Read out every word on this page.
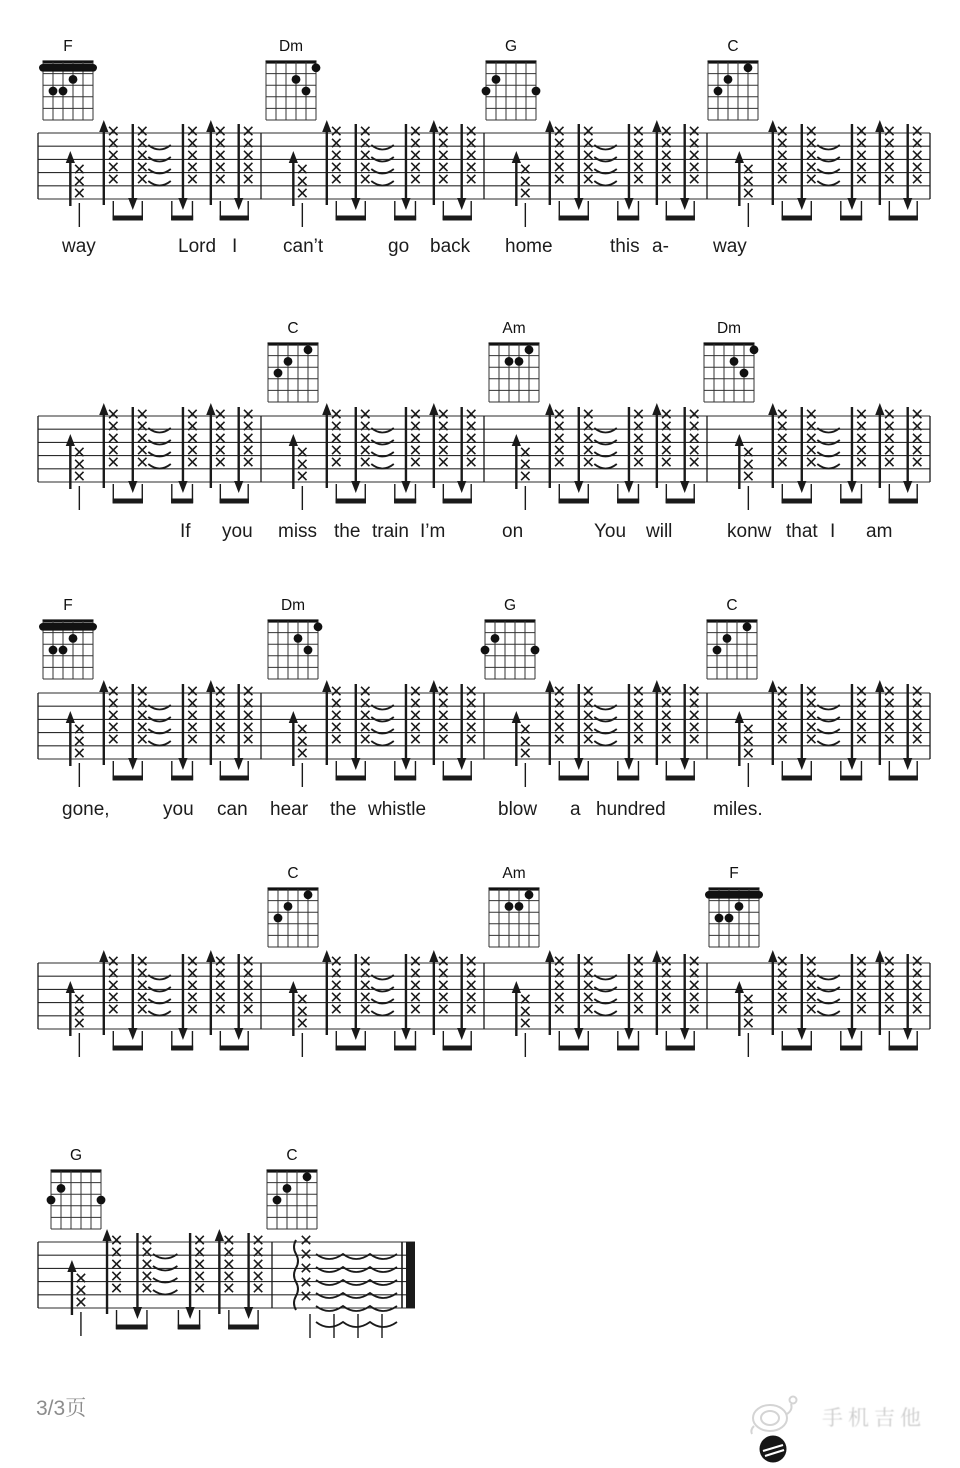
F	Dm	G	C
way	Lord I can’t	go back home	this a- way
C	Am	Dm
If you miss the train I’m	on	You will	konw that I am
F	Dm	G	C
gone,	you can hear the whistle	blow a hundred miles.
C	Am	F
G	C
3/3页	手机吉他
